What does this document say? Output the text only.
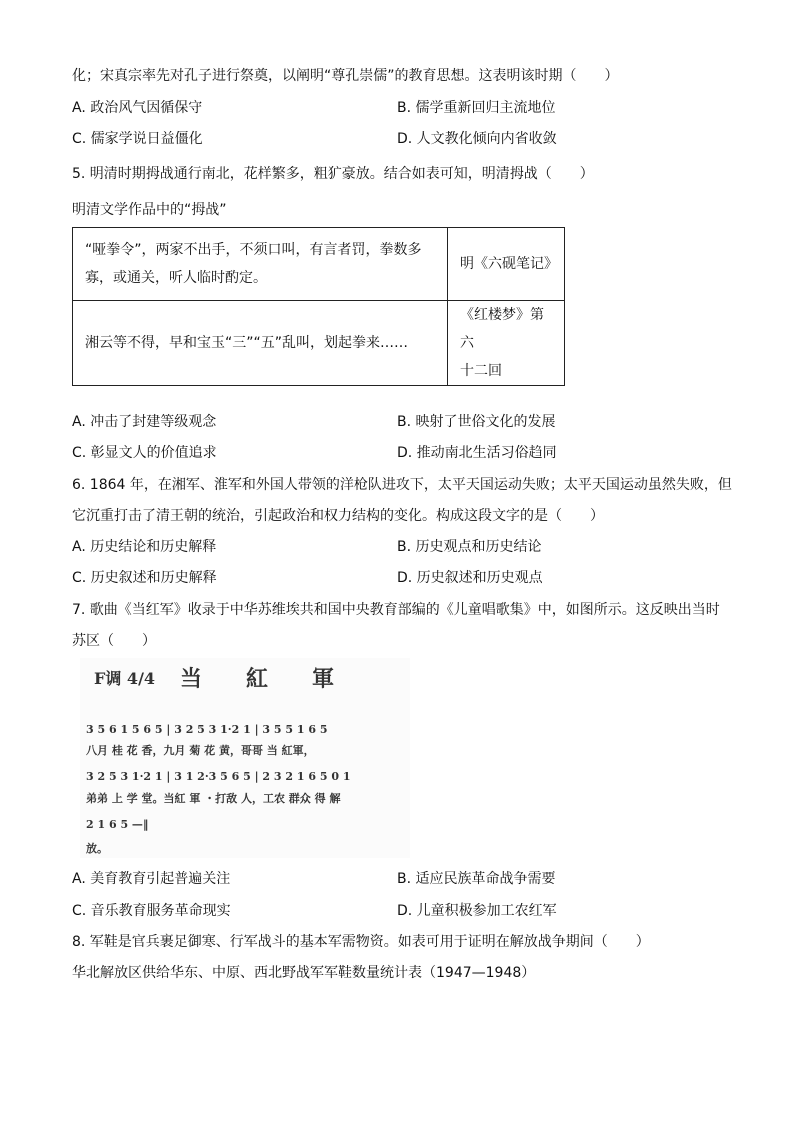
化；宋真宗率先对孔子进行祭奠，以阐明“尊孔崇儒”的教育思想。这表明该时期（　　）
A. 政治风气因循保守	B. 儒学重新回归主流地位
C. 儒家学说日益僵化	D. 人文教化倾向内省收敛
5. 明清时期拇战通行南北，花样繁多，粗犷豪放。结合如表可知，明清拇战（　　）
明清文学作品中的“拇战”
“哑拳令”，两家不出手，不须口叫，有言者罚，拳数多
寡，或通关，听人临时酌定。	明《六砚笔记》

湘云等不得，早和宝玉“三”“五”乱叫，划起拳来……	《红楼梦》第六
十二回
A. 冲击了封建等级观念	B. 映射了世俗文化的发展
C. 彰显文人的价值追求	D. 推动南北生活习俗趋同
6. 1864 年，在湘军、淮军和外国人带领的洋枪队进攻下，太平天国运动失败；太平天国运动虽然失败，但
它沉重打击了清王朝的统治，引起政治和权力结构的变化。构成这段文字的是（　　）
A. 历史结论和历史解释	B. 历史观点和历史结论
C. 历史叙述和历史解释	D. 历史叙述和历史观点
7. 歌曲《当红军》收录于中华苏维埃共和国中央教育部编的《儿童唱歌集》中，如图所示。这反映出当时
苏区（　　）
F调 4/4 当　　紅　　軍
3 5 6 1 5 6 5 | 3 2 5 3 1·2 1 | 3 5 5 1 6 5
八月 桂 花 香，九月 菊 花 黄，哥哥 当 紅軍，
3 2 5 3 1·2 1 | 3 1 2·3 5 6 5 | 2 3 2 1 6 5 0 1
弟弟 上 学 堂。当紅 軍 ・打敌 人，工农 群众 得 解
2 1 6 5 —‖
放。
A. 美育教育引起普遍关注	B. 适应民族革命战争需要
C. 音乐教育服务革命现实	D. 儿童积极参加工农红军
8. 军鞋是官兵裹足御寒、行军战斗的基本军需物资。如表可用于证明在解放战争期间（　　）
华北解放区供给华东、中原、西北野战军军鞋数量统计表（1947—1948）
